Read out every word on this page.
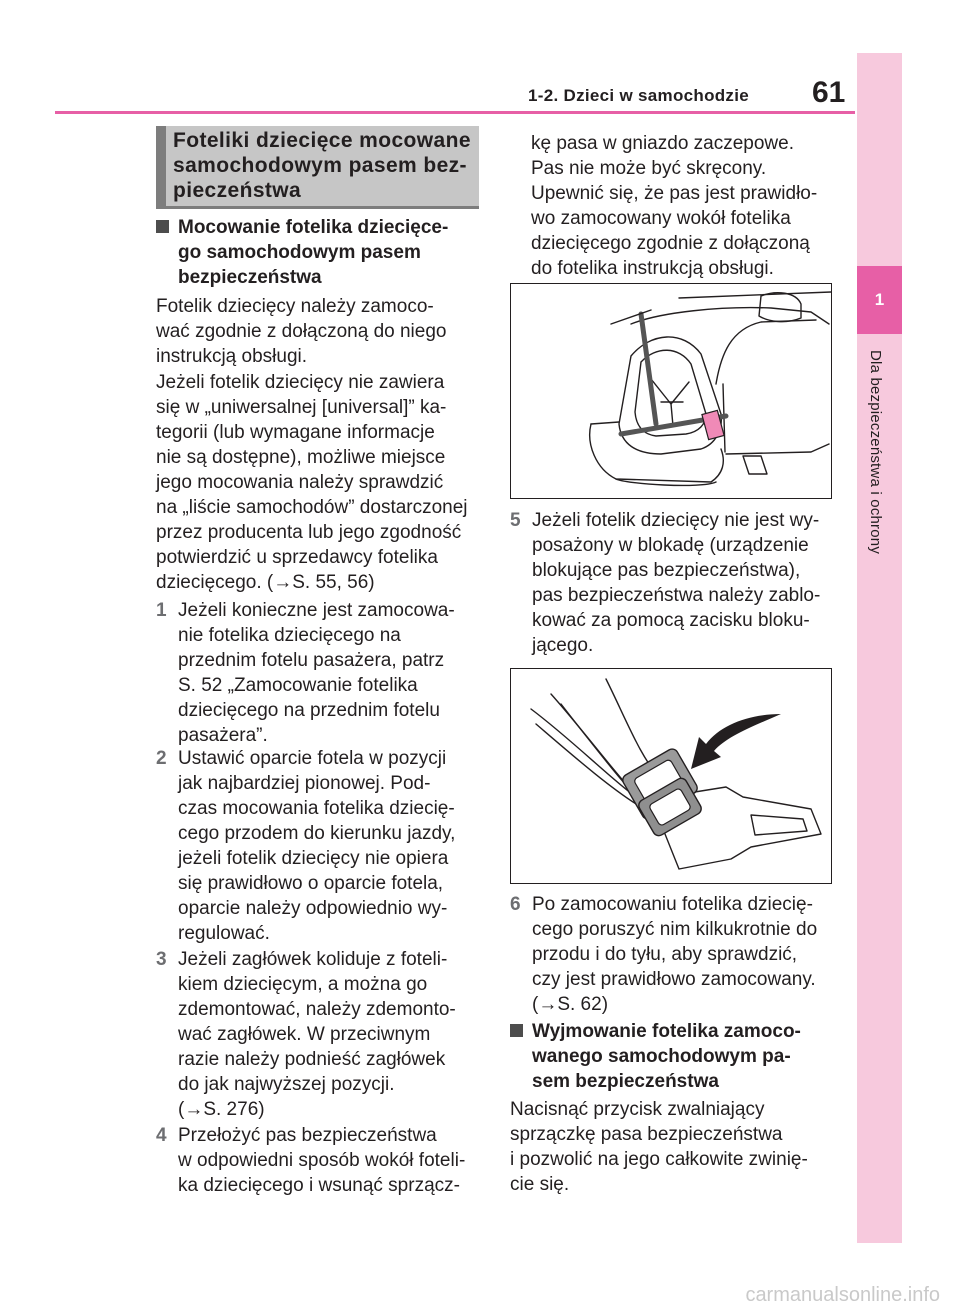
1-2. Dzieci w samochodzie 61
1
Dla bezpieczeństwa i ochrony
Foteliki dziecięce mocowane
samochodowym pasem bez-
pieczeństwa
Mocowanie fotelika dziecięce-
go samochodowym pasem
bezpieczeństwa
Fotelik dziecięcy należy zamoco-
wać zgodnie z dołączoną do niego
instrukcją obsługi.
Jeżeli fotelik dziecięcy nie zawiera
się w „uniwersalnej [universal]” ka-
tegorii (lub wymagane informacje
nie są dostępne), możliwe miejsce
jego mocowania należy sprawdzić
na „liście samochodów” dostarczonej
przez producenta lub jego zgodność
potwierdzić u sprzedawcy fotelika
dziecięcego. (→S. 55, 56)
1 Jeżeli konieczne jest zamocowa-
nie fotelika dziecięcego na
przednim fotelu pasażera, patrz
S. 52 „Zamocowanie fotelika
dziecięcego na przednim fotelu
pasażera”.
2 Ustawić oparcie fotela w pozycji
jak najbardziej pionowej. Pod-
czas mocowania fotelika dziecię-
cego przodem do kierunku jazdy,
jeżeli fotelik dziecięcy nie opiera
się prawidłowo o oparcie fotela,
oparcie należy odpowiednio wy-
regulować.
3 Jeżeli zagłówek koliduje z foteli-
kiem dziecięcym, a można go
zdemontować, należy zdemonto-
wać zagłówek. W przeciwnym
razie należy podnieść zagłówek
do jak najwyższej pozycji.
(→S. 276)
4 Przełożyć pas bezpieczeństwa
w odpowiedni sposób wokół foteli-
ka dziecięcego i wsunąć sprzącz-
kę pasa w gniazdo zaczepowe.
Pas nie może być skręcony.
Upewnić się, że pas jest prawidło-
wo zamocowany wokół fotelika
dziecięcego zgodnie z dołączoną
do fotelika instrukcją obsługi.
5 Jeżeli fotelik dziecięcy nie jest wy-
posażony w blokadę (urządzenie
blokujące pas bezpieczeństwa),
pas bezpieczeństwa należy zablo-
kować za pomocą zacisku bloku-
jącego.
6 Po zamocowaniu fotelika dziecię-
cego poruszyć nim kilkukrotnie do
przodu i do tyłu, aby sprawdzić,
czy jest prawidłowo zamocowany.
(→S. 62)
Wyjmowanie fotelika zamoco-
wanego samochodowym pa-
sem bezpieczeństwa
Nacisnąć przycisk zwalniający
sprzączkę pasa bezpieczeństwa
i pozwolić na jego całkowite zwinię-
cie się.
carmanualsonline.info
